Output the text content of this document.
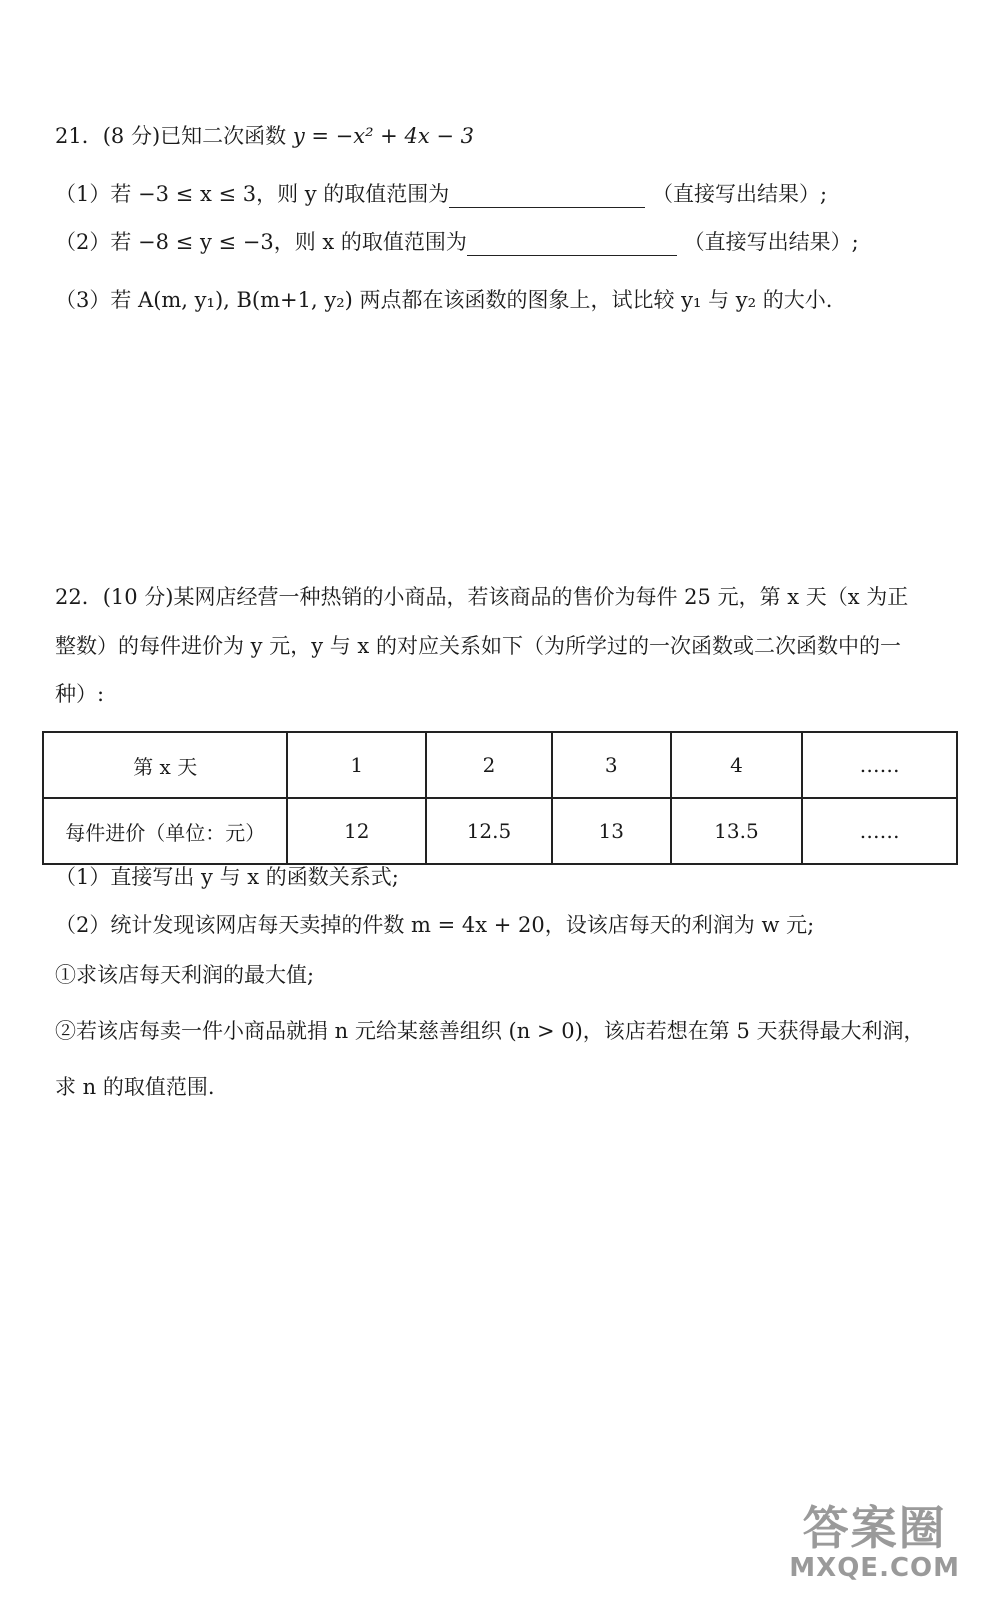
21．(8 分)已知二次函数 y = −x² + 4x − 3
（1）若 −3 ≤ x ≤ 3，则 y 的取值范围为	（直接写出结果）;
（2）若 −8 ≤ y ≤ −3，则 x 的取值范围为	（直接写出结果）;
（3）若 A(m, y₁), B(m+1, y₂) 两点都在该函数的图象上，试比较 y₁ 与 y₂ 的大小.
22．(10 分)某网店经营一种热销的小商品，若该商品的售价为每件 25 元，第 x 天（x 为正
整数）的每件进价为 y 元，y 与 x 的对应关系如下（为所学过的一次函数或二次函数中的一
种）:
第 x 天	1	2	3	4	……
每件进价（单位：元）	12	12.5	13	13.5	……
（1）直接写出 y 与 x 的函数关系式;
（2）统计发现该网店每天卖掉的件数 m = 4x + 20，设该店每天的利润为 w 元;
①求该店每天利润的最大值;
②若该店每卖一件小商品就捐 n 元给某慈善组织 (n > 0)，该店若想在第 5 天获得最大利润，
求 n 的取值范围.
答案圈
MXQE.COM
